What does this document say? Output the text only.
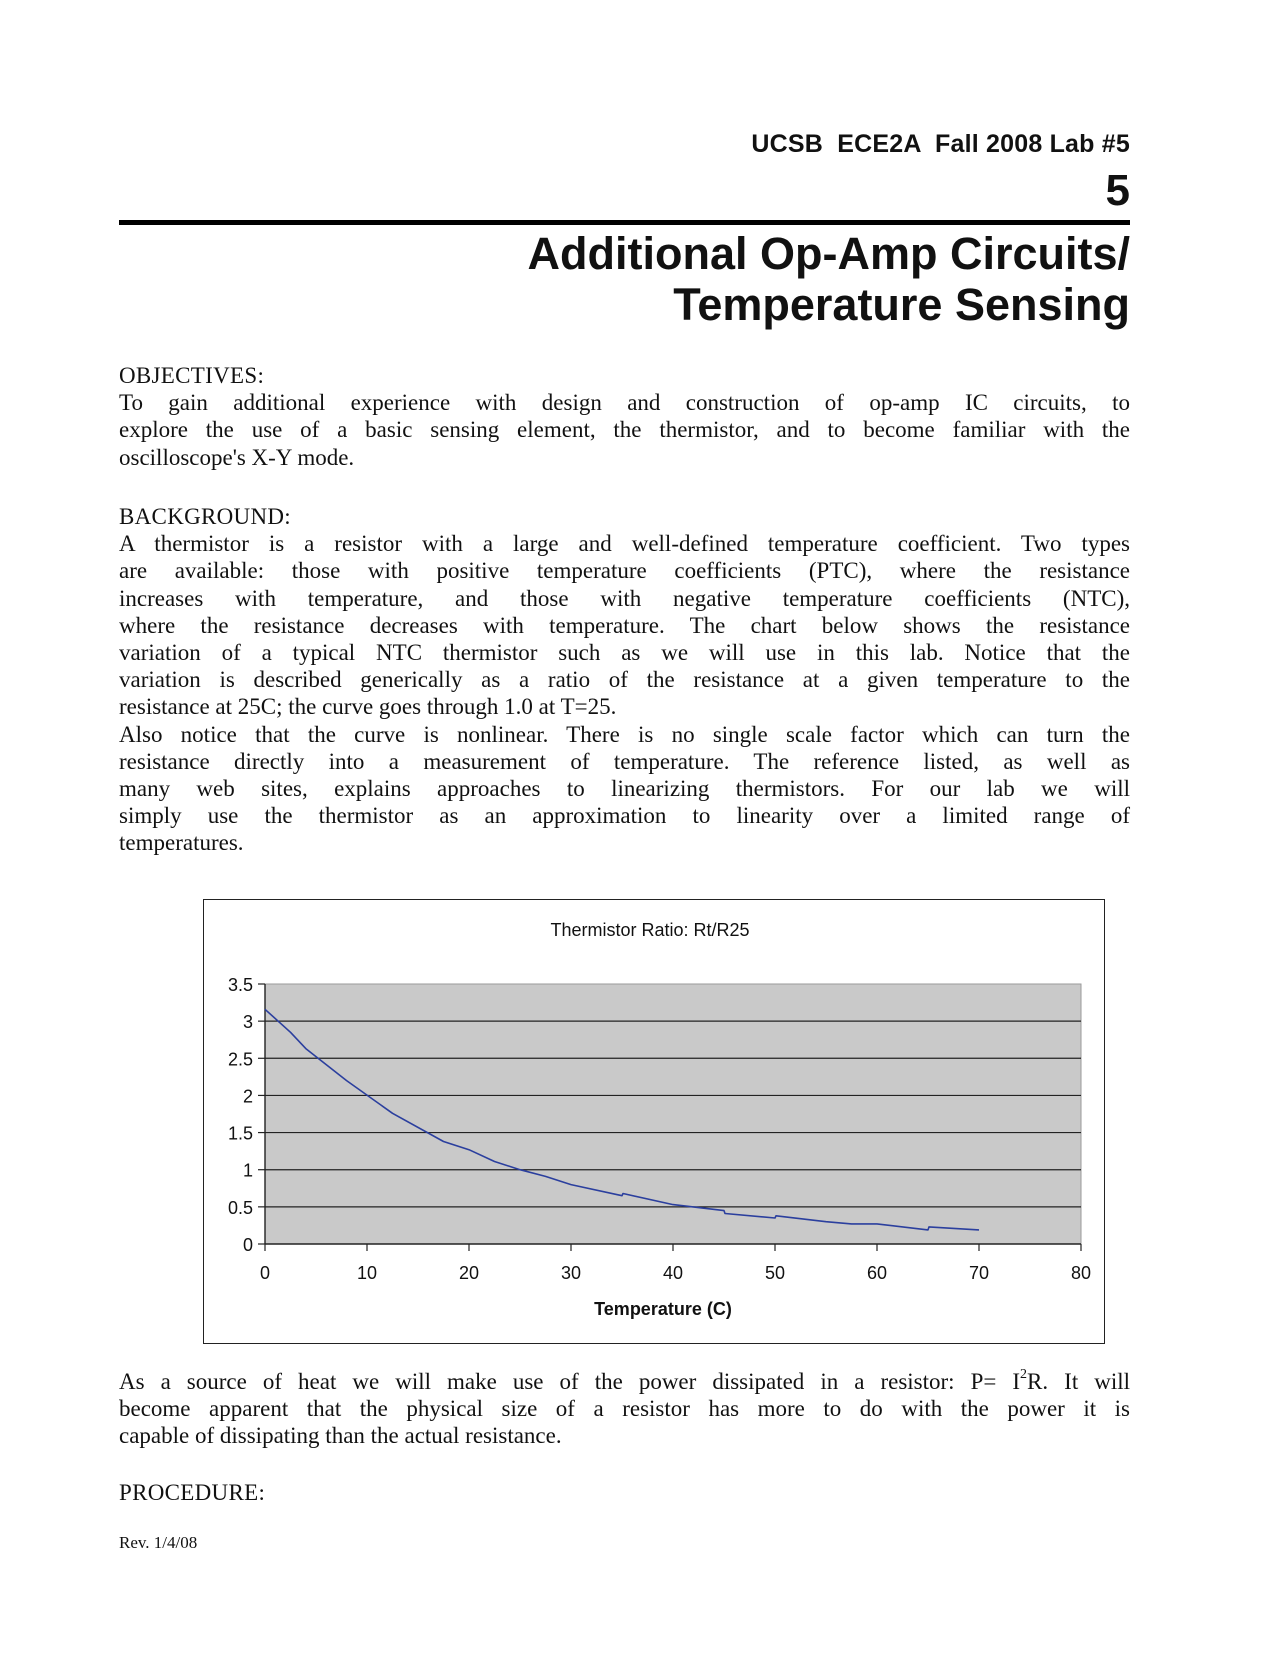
UCSB  ECE2A  Fall 2008 Lab #5
5
Additional Op-Amp Circuits/
Temperature Sensing
OBJECTIVES:
To gain additional experience with design and construction of op-amp IC circuits, to
explore the use of a basic sensing element, the thermistor, and to become familiar with the
oscilloscope's X-Y mode.
BACKGROUND:
A thermistor is a resistor with a large and well-defined temperature coefficient. Two types
are available: those with positive temperature coefficients (PTC), where the resistance
increases with temperature, and those with negative temperature coefficients (NTC),
where the resistance decreases with temperature. The chart below shows the resistance
variation of a typical NTC thermistor such as we will use in this lab. Notice that the
variation is described generically as a ratio of the resistance at a given temperature to the
resistance at 25C; the curve goes through 1.0 at T=25.
Also notice that the curve is nonlinear. There is no single scale factor which can turn the
resistance directly into a measurement of temperature. The reference listed, as well as
many web sites, explains approaches to linearizing thermistors. For our lab we will
simply use the thermistor as an approximation to linearity over a limited range of
temperatures.
As a source of heat we will make use of the power dissipated in a resistor: $P= I^2R$. It will
become apparent that the physical size of a resistor has more to do with the power it is
capable of dissipating than the actual resistance.
PROCEDURE:
Rev. 1/4/08
0
0.5
1
1.5
2
2.5
3
3.5
0	10	20	30	40	50	60	70	80
Thermistor Ratio: Rt/R25
Temperature (C)
